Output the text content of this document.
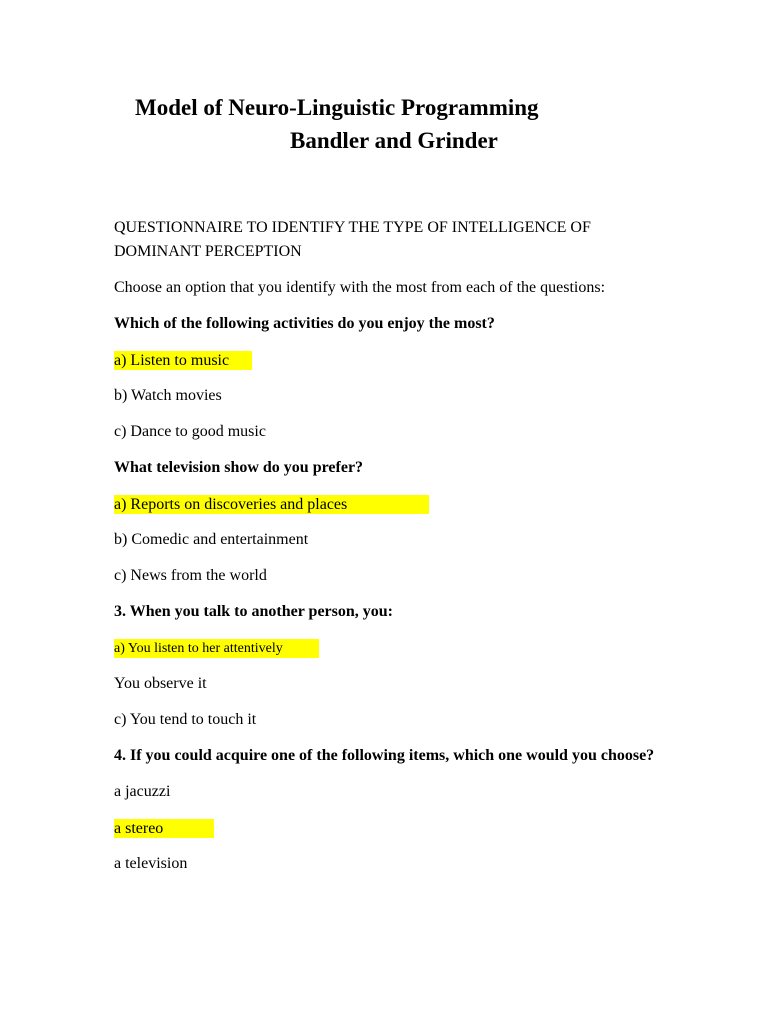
Model of Neuro-Linguistic Programming
Bandler and Grinder
QUESTIONNAIRE TO IDENTIFY THE TYPE OF INTELLIGENCE OF DOMINANT PERCEPTION
Choose an option that you identify with the most from each of the questions:
Which of the following activities do you enjoy the most?
a) Listen to music
b) Watch movies
c) Dance to good music
What television show do you prefer?
a) Reports on discoveries and places
b) Comedic and entertainment
c) News from the world
3. When you talk to another person, you:
a) You listen to her attentively
You observe it
c) You tend to touch it
4. If you could acquire one of the following items, which one would you choose?
a jacuzzi
a stereo
a television
